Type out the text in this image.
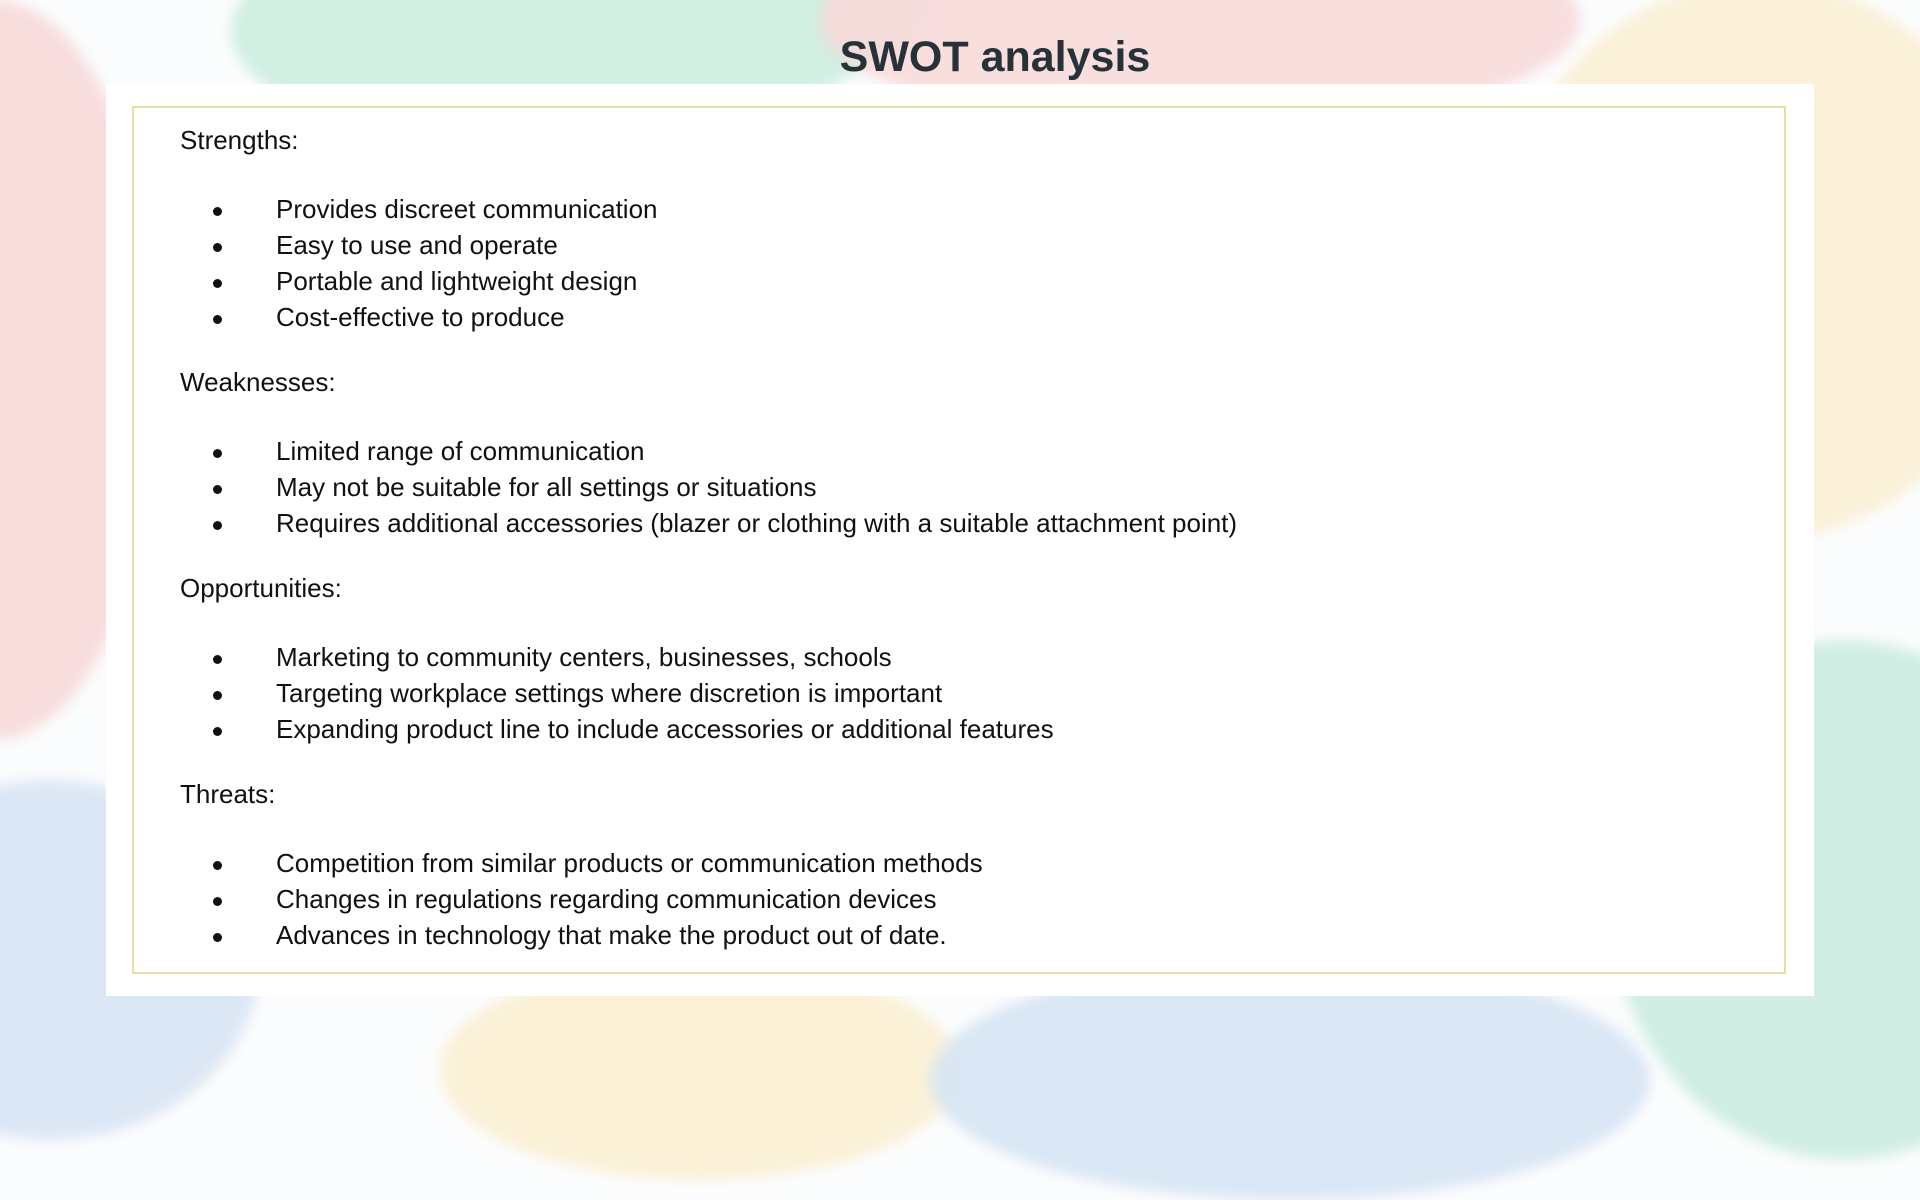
Strengths:
Provides discreet communication
Easy to use and operate
Portable and lightweight design
Cost-effective to produce
Weaknesses:
Limited range of communication
May not be suitable for all settings or situations
Requires additional accessories (blazer or clothing with a suitable attachment point)
Opportunities:
Marketing to community centers, businesses, schools
Targeting workplace settings where discretion is important
Expanding product line to include accessories or additional features
Threats:
Competition from similar products or communication methods
Changes in regulations regarding communication devices
Advances in technology that make the product out of date.
SWOT analysis
